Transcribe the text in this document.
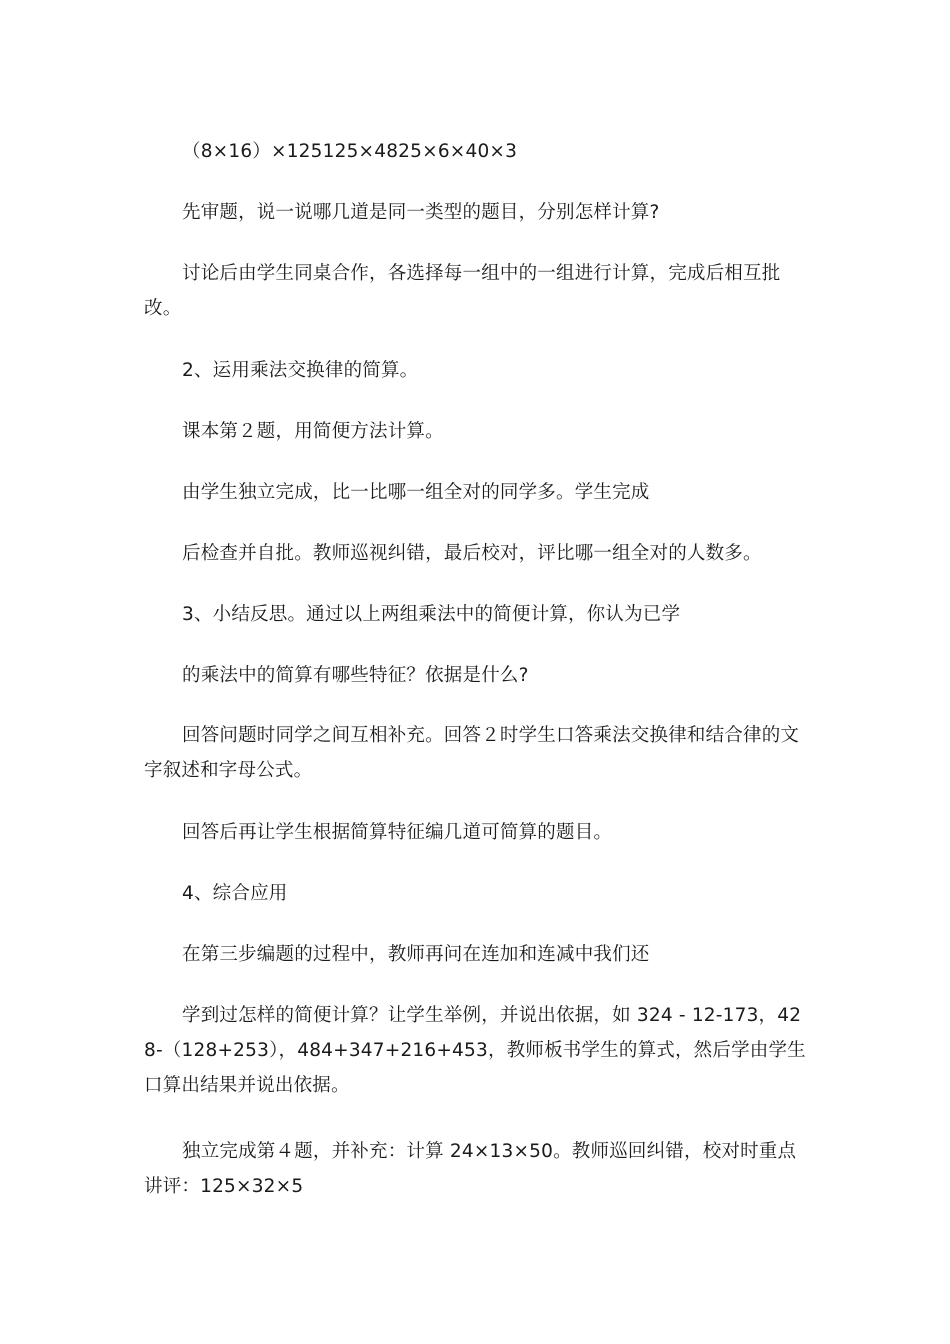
（8×16）×125125×4825×6×40×3

先审题，说一说哪几道是同一类型的题目，分别怎样计算?

讨论后由学生同桌合作，各选择每一组中的一组进行计算，完成后相互批改。

2、运用乘法交换律的简算。

课本第２题，用简便方法计算。

由学生独立完成，比一比哪一组全对的同学多。学生完成

后检查并自批。教师巡视纠错，最后校对，评比哪一组全对的人数多。

3、小结反思。通过以上两组乘法中的简便计算，你认为已学

的乘法中的简算有哪些特征？依据是什么?

回答问题时同学之间互相补充。回答２时学生口答乘法交换律和结合律的文字叙述和字母公式。

回答后再让学生根据简算特征编几道可简算的题目。

4、综合应用

在第三步编题的过程中，教师再问在连加和连减中我们还

学到过怎样的简便计算？让学生举例，并说出依据，如 324 - 12-173，428-（128+253），484+347+216+453，教师板书学生的算式，然后学由学生口算出结果并说出依据。

独立完成第４题，并补充：计算 24×13×50。教师巡回纠错，校对时重点讲评：125×32×5
